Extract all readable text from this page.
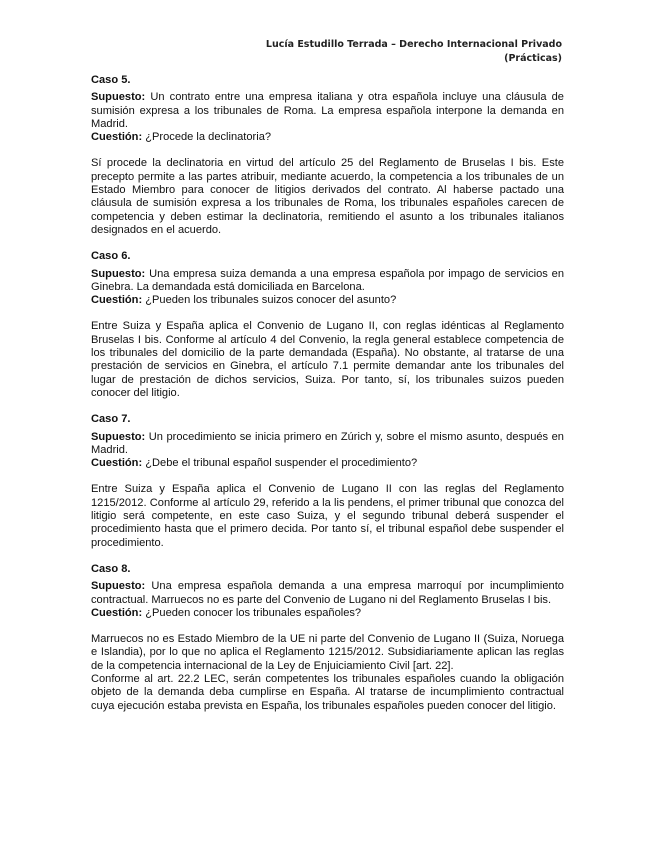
Lucía Estudillo Terrada – Derecho Internacional Privado
(Prácticas)
Caso 5.

Supuesto: Un contrato entre una empresa italiana y otra española incluye una cláusula de sumisión expresa a los tribunales de Roma. La empresa española interpone la demanda en Madrid.

Cuestión: ¿Procede la declinatoria?

Sí procede la declinatoria en virtud del artículo 25 del Reglamento de Bruselas I bis. Este precepto permite a las partes atribuir, mediante acuerdo, la competencia a los tribunales de un Estado Miembro para conocer de litigios derivados del contrato. Al haberse pactado una cláusula de sumisión expresa a los tribunales de Roma, los tribunales españoles carecen de competencia y deben estimar la declinatoria, remitiendo el asunto a los tribunales italianos designados en el acuerdo.

Caso 6.

Supuesto: Una empresa suiza demanda a una empresa española por impago de servicios en Ginebra. La demandada está domiciliada en Barcelona.

Cuestión: ¿Pueden los tribunales suizos conocer del asunto?

Entre Suiza y España aplica el Convenio de Lugano II, con reglas idénticas al Reglamento Bruselas I bis. Conforme al artículo 4 del Convenio, la regla general establece competencia de los tribunales del domicilio de la parte demandada (España). No obstante, al tratarse de una prestación de servicios en Ginebra, el artículo 7.1 permite demandar ante los tribunales del lugar de prestación de dichos servicios, Suiza. Por tanto, sí, los tribunales suizos pueden conocer del litigio.

Caso 7.

Supuesto: Un procedimiento se inicia primero en Zúrich y, sobre el mismo asunto, después en Madrid.

Cuestión: ¿Debe el tribunal español suspender el procedimiento?

Entre Suiza y España aplica el Convenio de Lugano II con las reglas del Reglamento 1215/2012. Conforme al artículo 29, referido a la lis pendens, el primer tribunal que conozca del litigio será competente, en este caso Suiza, y el segundo tribunal deberá suspender el procedimiento hasta que el primero decida. Por tanto sí, el tribunal español debe suspender el procedimiento.

Caso 8.

Supuesto: Una empresa española demanda a una empresa marroquí por incumplimiento contractual. Marruecos no es parte del Convenio de Lugano ni del Reglamento Bruselas I bis.

Cuestión: ¿Pueden conocer los tribunales españoles?

Marruecos no es Estado Miembro de la UE ni parte del Convenio de Lugano II (Suiza, Noruega e Islandia), por lo que no aplica el Reglamento 1215/2012. Subsidiariamente aplican las reglas de la competencia internacional de la Ley de Enjuiciamiento Civil [art. 22].

Conforme al art. 22.2 LEC, serán competentes los tribunales españoles cuando la obligación objeto de la demanda deba cumplirse en España. Al tratarse de incumplimiento contractual cuya ejecución estaba prevista en España, los tribunales españoles pueden conocer del litigio.
